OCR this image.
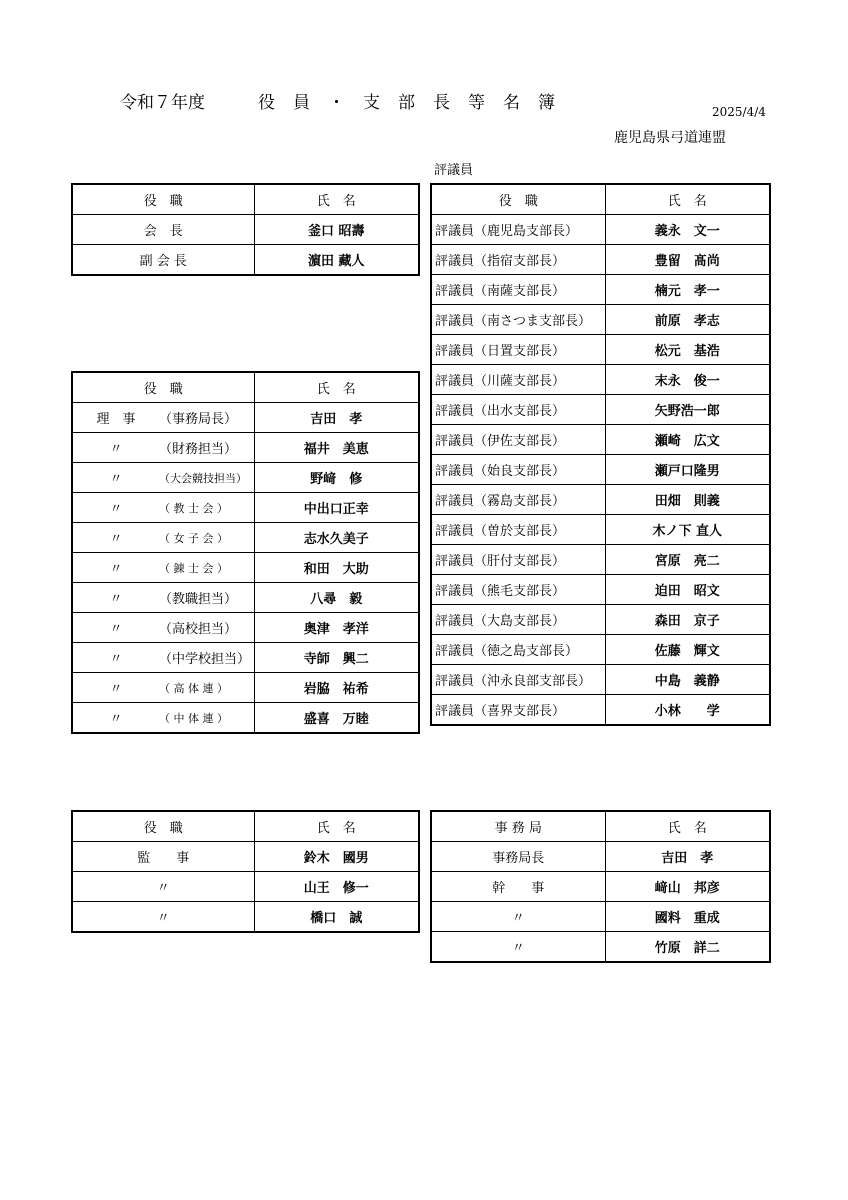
令和７年度	役員・支部長等名簿	2025/4/4
鹿児島県弓道連盟
評議員
役　職	氏　名
会　長	釜口 昭壽
副 会 長	濵田 藏人
役　職	氏　名

理　事 （事務局長）	吉田　孝

〃 （財務担当）	福井　美恵

〃 （大会競技担当）	野﨑　修

〃 （ 教 士 会 ）	中出口正幸

〃 （ 女 子 会 ）	志水久美子

〃 （ 錬 士 会 ）	和田　大助

〃 （教職担当）	八尋　毅

〃 （高校担当）	奥津　孝洋

〃 （中学校担当）	寺師　興二

〃 （ 高 体 連 ）	岩脇　祐希

〃 （ 中 体 連 ）	盛喜　万睦
役　職	氏　名
評議員（鹿児島支部長）	義永　文一
評議員（指宿支部長）	豊留　髙尚
評議員（南薩支部長）	楠元　孝一
評議員（南さつま支部長）	前原　孝志
評議員（日置支部長）	松元　基浩
評議員（川薩支部長）	末永　俊一
評議員（出水支部長）	矢野浩一郎
評議員（伊佐支部長）	瀬崎　広文
評議員（始良支部長）	瀬戸口隆男
評議員（霧島支部長）	田畑　則義
評議員（曽於支部長）	木ノ下 直人
評議員（肝付支部長）	宮原　亮二
評議員（熊毛支部長）	迫田　昭文
評議員（大島支部長）	森田　京子
評議員（徳之島支部長）	佐藤　輝文
評議員（沖永良部支部長）	中島　義静
評議員（喜界支部長）	小林　　学
役　職	氏　名
監　　事	鈴木　國男
〃	山王　修一
〃	橋口　誠
事 務 局	氏　名
事務局長	吉田　孝
幹　　事	﨑山　邦彦
〃	國料　重成
〃	竹原　詳二
